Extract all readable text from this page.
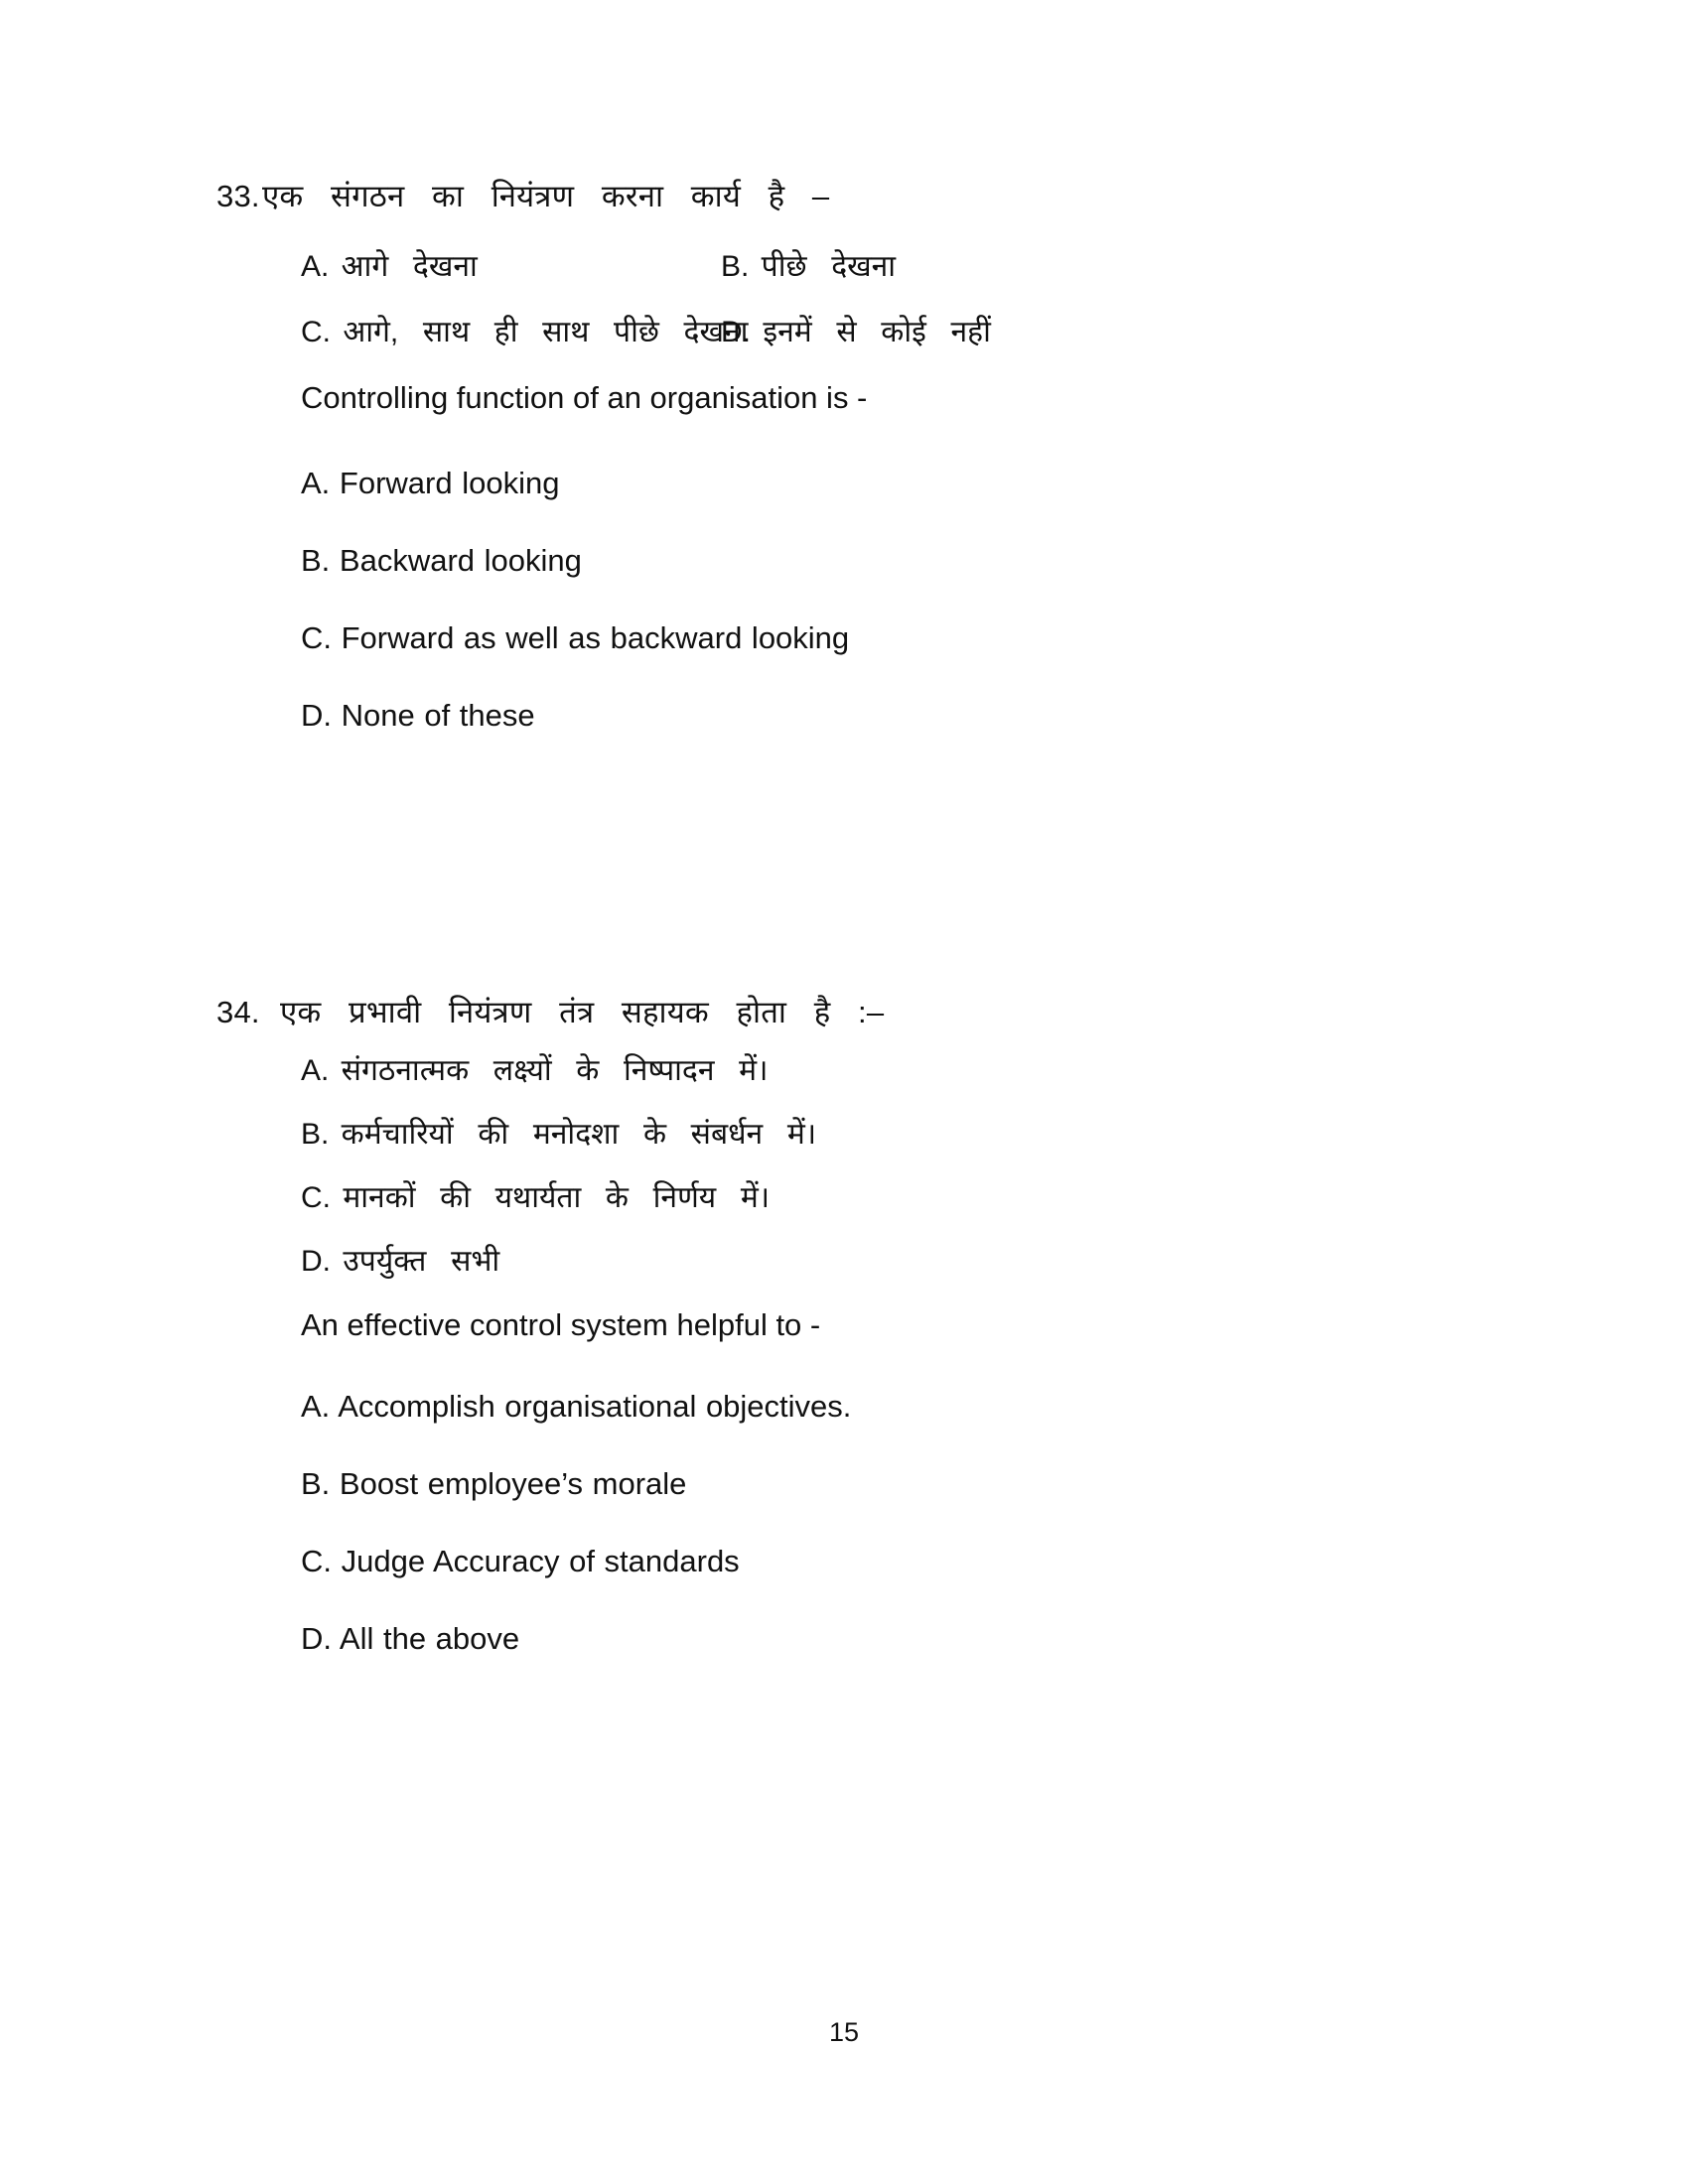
33. एक  संगठन  का  नियंत्रण  करना  कार्य  है  –
A. आगे  देखना	B. पीछे  देखना
C. आगे,  साथ  ही  साथ  पीछे  देखना
D. इनमें  से  कोई  नहीं
Controlling function of an organisation is -
A. Forward looking
B. Backward looking
C. Forward as well as backward looking
D. None of these
34. एक  प्रभावी  नियंत्रण  तंत्र  सहायक  होता  है  :–
A. संगठनात्मक  लक्ष्यों  के  निष्पादन  में।
B. कर्मचारियों  की  मनोदशा  के  संबर्धन  में।
C. मानकों  की  यथार्यता  के  निर्णय  में।
D. उपर्युक्त  सभी
An effective control system helpful to -
A. Accomplish organisational objectives.
B. Boost employee’s morale
C. Judge Accuracy of standards
D. All the above
15
